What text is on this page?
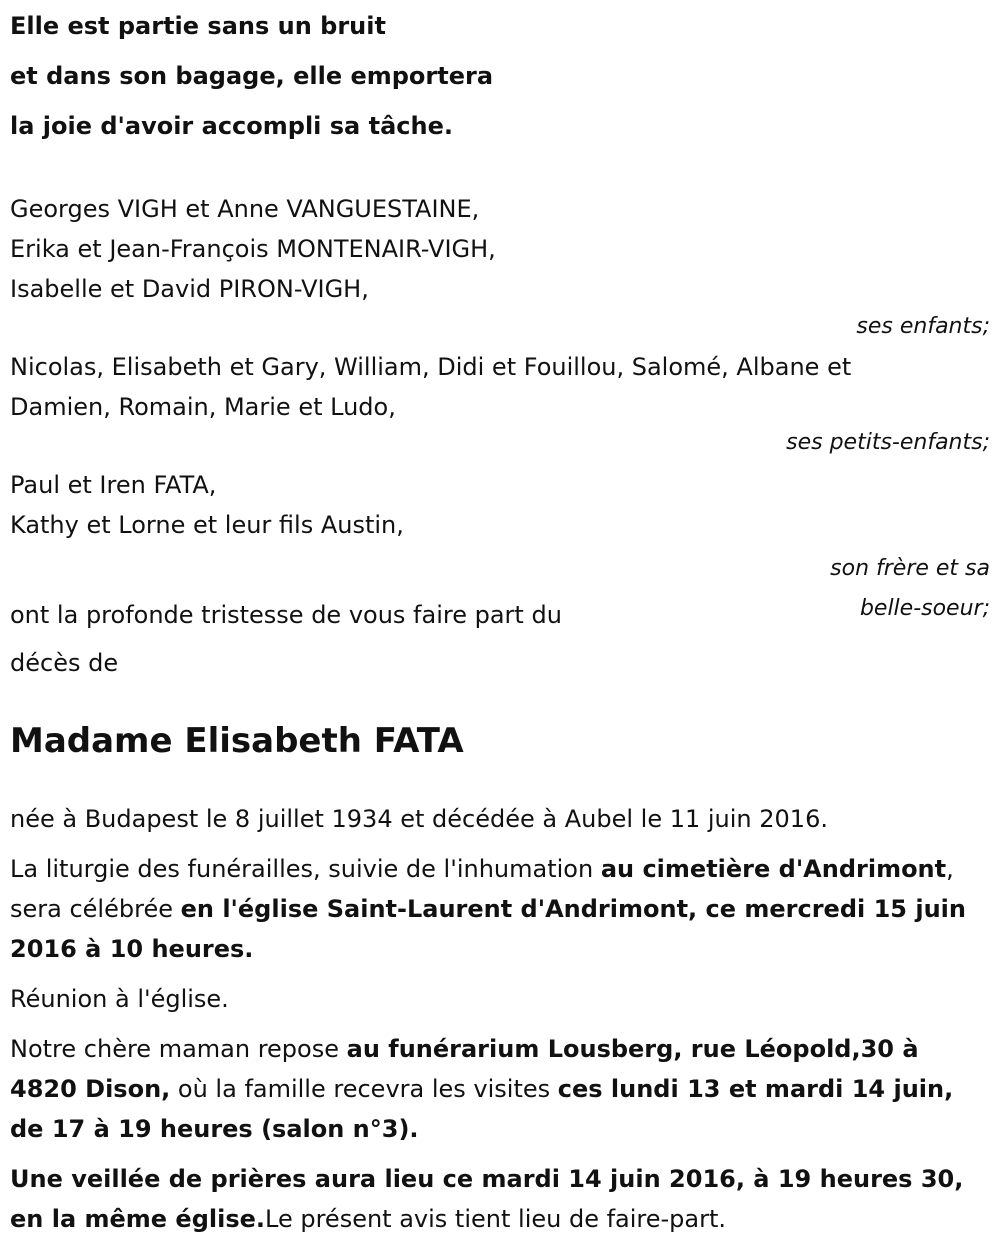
Elle est partie sans un bruit

et dans son bagage, elle emportera

la joie d'avoir accompli sa tâche.

Georges VIGH et Anne VANGUESTAINE,
Erika et Jean-François MONTENAIR-VIGH,
Isabelle et David PIRON-VIGH,
ses enfants;
Nicolas, Elisabeth et Gary, William, Didi et Fouillou, Salomé, Albane et
Damien, Romain, Marie et Ludo,
ses petits-enfants;
Paul et Iren FATA,
Kathy et Lorne et leur fils Austin,
son frère et sa
belle-soeur;
ont la profonde tristesse de vous faire part du
décès de
Madame Elisabeth FATA

née à Budapest le 8 juillet 1934 et décédée à Aubel le 11 juin 2016.

La liturgie des funérailles, suivie de l'inhumation au cimetière d'Andrimont, sera célébrée en l'église Saint-Laurent d'Andrimont, ce mercredi 15 juin 2016 à 10 heures.

Réunion à l'église.

Notre chère maman repose au funérarium Lousberg, rue Léopold,30 à 4820 Dison, où la famille recevra les visites ces lundi 13 et mardi 14 juin, de 17 à 19 heures (salon n°3).

Une veillée de prières aura lieu ce mardi 14 juin 2016, à 19 heures 30, en la même église.Le présent avis tient lieu de faire-part.
